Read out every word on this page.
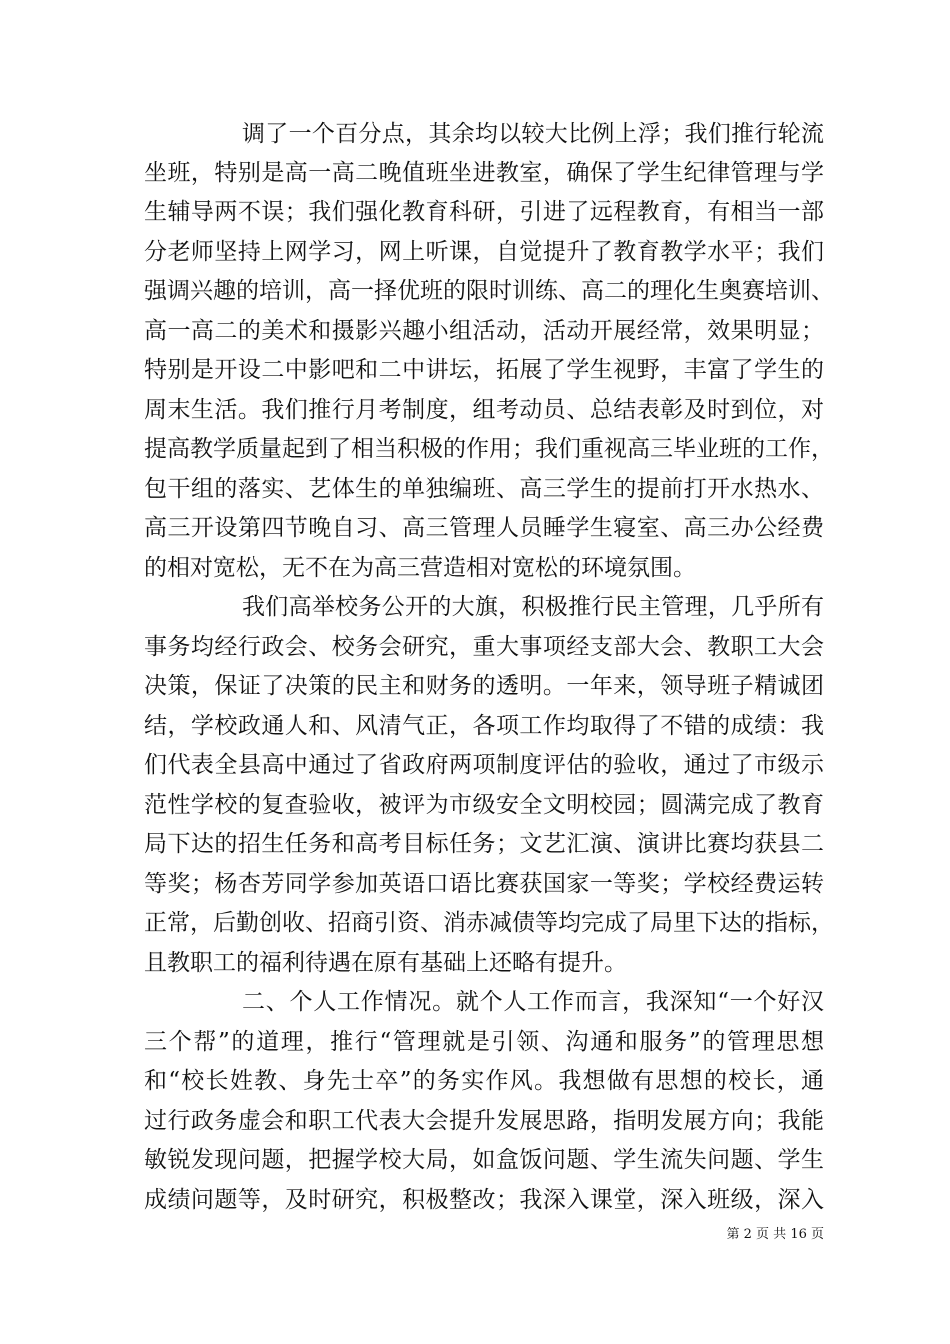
调了一个百分点，其余均以较大比例上浮；我们推行轮流
坐班，特别是高一高二晚值班坐进教室，确保了学生纪律管理与学
生辅导两不误；我们强化教育科研，引进了远程教育，有相当一部
分老师坚持上网学习，网上听课，自觉提升了教育教学水平；我们
强调兴趣的培训，高一择优班的限时训练、高二的理化生奥赛培训、
高一高二的美术和摄影兴趣小组活动，活动开展经常，效果明显；
特别是开设二中影吧和二中讲坛，拓展了学生视野，丰富了学生的
周末生活。我们推行月考制度，组考动员、总结表彰及时到位，对
提高教学质量起到了相当积极的作用；我们重视高三毕业班的工作，
包干组的落实、艺体生的单独编班、高三学生的提前打开水热水、
高三开设第四节晚自习、高三管理人员睡学生寝室、高三办公经费
的相对宽松，无不在为高三营造相对宽松的环境氛围。
我们高举校务公开的大旗，积极推行民主管理，几乎所有
事务均经行政会、校务会研究，重大事项经支部大会、教职工大会
决策，保证了决策的民主和财务的透明。一年来，领导班子精诚团
结，学校政通人和、风清气正，各项工作均取得了不错的成绩：我
们代表全县高中通过了省政府两项制度评估的验收，通过了市级示
范性学校的复查验收，被评为市级安全文明校园；圆满完成了教育
局下达的招生任务和高考目标任务；文艺汇演、演讲比赛均获县二
等奖；杨杏芳同学参加英语口语比赛获国家一等奖；学校经费运转
正常，后勤创收、招商引资、消赤减债等均完成了局里下达的指标，
且教职工的福利待遇在原有基础上还略有提升。
二、个人工作情况。就个人工作而言，我深知“一个好汉
三个帮”的道理，推行“管理就是引领、沟通和服务”的管理思想
和“校长姓教、身先士卒”的务实作风。我想做有思想的校长，通
过行政务虚会和职工代表大会提升发展思路，指明发展方向；我能
敏锐发现问题，把握学校大局，如盒饭问题、学生流失问题、学生
成绩问题等，及时研究，积极整改；我深入课堂，深入班级，深入
第 2 页 共 16 页
